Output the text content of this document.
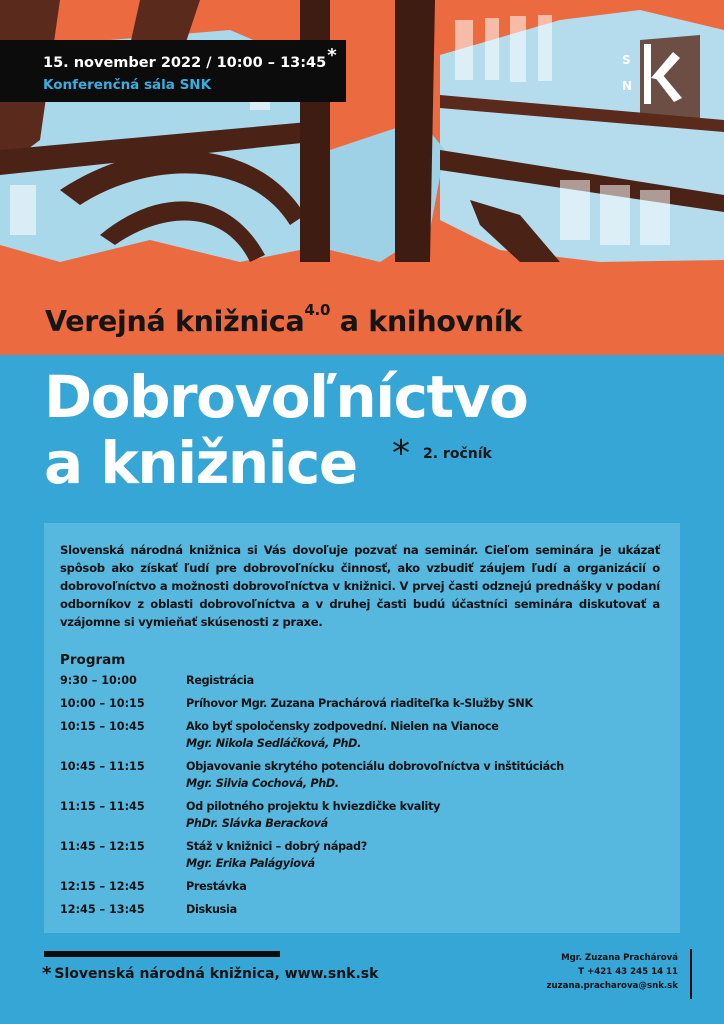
15. november 2022 / 10:00 – 13:45*
Konferenčná sála SNK
S
N
Verejná knižnica$^{4.0}$ a knihovník
Dobrovoľníctvo
a knižnice * 2. ročník

Slovenská národná knižnica si Vás dovoľuje pozvať na seminár. Cieľom seminára je ukázať spôsob ako získať ľudí pre dobrovoľnícku činnosť, ako vzbudiť záujem ľudí a organizácií o dobrovoľníctvo a možnosti dobrovoľníctva v knižnici. V prvej časti odznejú prednášky v podaní odborníkov z oblasti dobrovoľníctva a v druhej časti budú účastníci seminára diskutovať a vzájomne si vymieňať skúsenosti z praxe.

Program
9:30 – 10:00	Registrácia
10:00 – 10:15	Príhovor Mgr. Zuzana Prachárová riaditeľka k-Služby SNK
10:15 – 10:45	Ako byť spoločensky zodpovední. Nielen na Vianoce
Mgr. Nikola Sedláčková, PhD.
10:45 – 11:15	Objavovanie skrytého potenciálu dobrovoľníctva v inštitúciách
Mgr. Silvia Cochová, PhD.
11:15 – 11:45	Od pilotného projektu k hviezdičke kvality
PhDr. Slávka Beracková
11:45 – 12:15	Stáž v knižnici – dobrý nápad?
Mgr. Erika Palágyiová
12:15 – 12:45	Prestávka
12:45 – 13:45	Diskusia
* Slovenská národná knižnica, www.snk.sk
Mgr. Zuzana Prachárová
T +421 43 245 14 11
zuzana.pracharova@snk.sk
